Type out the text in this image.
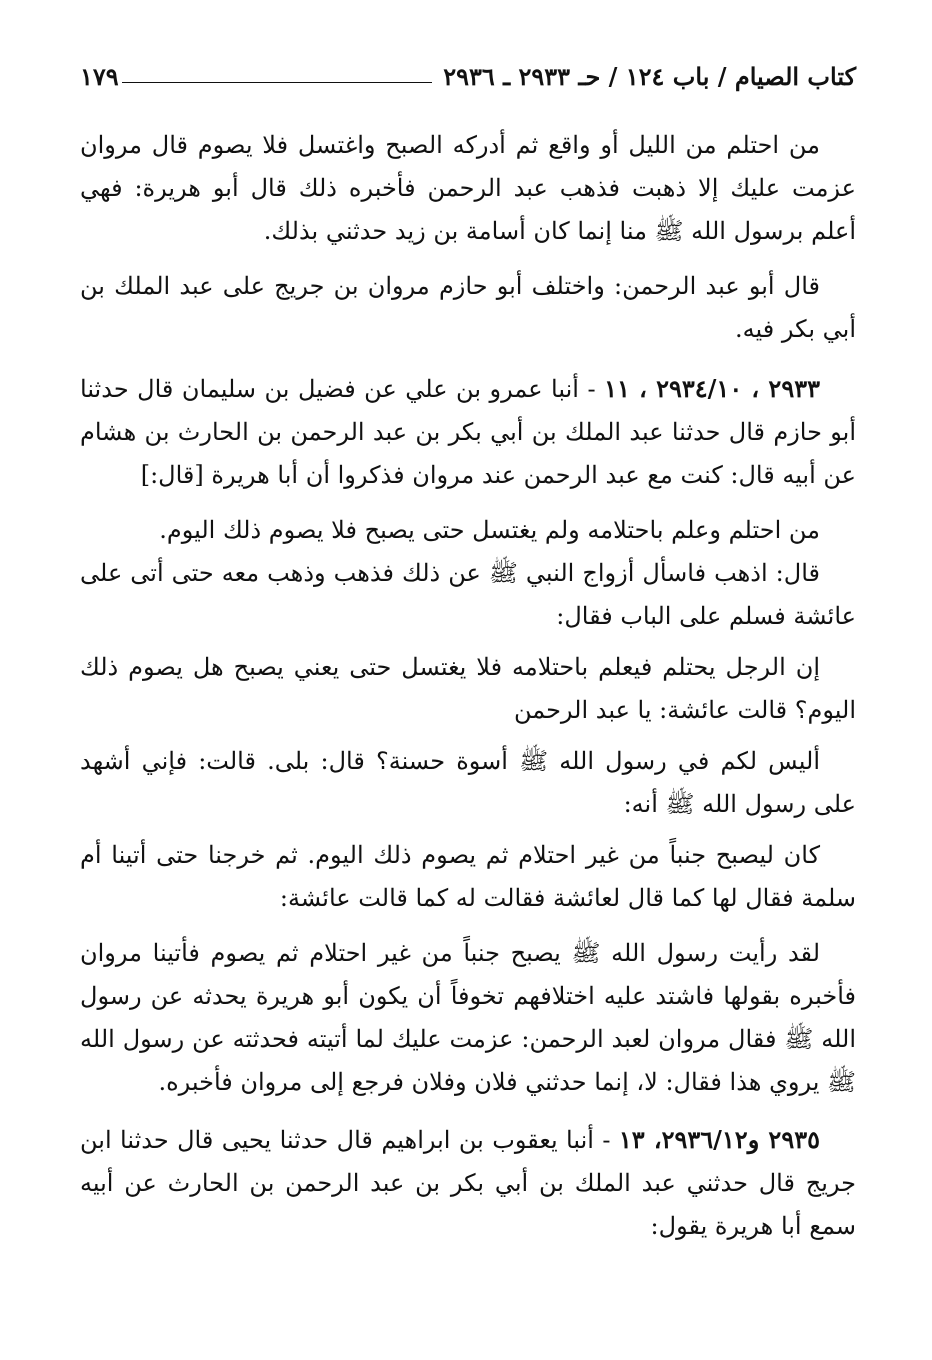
كتاب الصيام / باب ١٢٤ / حـ ٢٩٣٣ ـ ٢٩٣٦
١٧٩

من احتلم من الليل أو واقع ثم أدركه الصبح واغتسل فلا يصوم قال مروان عزمت عليك إلا ذهبت فذهب عبد الرحمن فأخبره ذلك قال أبو هريرة: فهي أعلم برسول الله ﷺ منا إنما كان أسامة بن زيد حدثني بذلك.

قال أبو عبد الرحمن: واختلف أبو حازم مروان بن جريج على عبد الملك بن أبي بكر فيه.

٢٩٣٣ ، ٢٩٣٤/١٠ ، ١١ - أنبا عمرو بن علي عن فضيل بن سليمان قال حدثنا أبو حازم قال حدثنا عبد الملك بن أبي بكر بن عبد الرحمن بن الحارث بن هشام عن أبيه قال: كنت مع عبد الرحمن عند مروان فذكروا أن أبا هريرة [قال:]

من احتلم وعلم باحتلامه ولم يغتسل حتى يصبح فلا يصوم ذلك اليوم.

قال: اذهب فاسأل أزواج النبي ﷺ عن ذلك فذهب وذهب معه حتى أتى على عائشة فسلم على الباب فقال:

إن الرجل يحتلم فيعلم باحتلامه فلا يغتسل حتى يعني يصبح هل يصوم ذلك اليوم؟ قالت عائشة: يا عبد الرحمن

أليس لكم في رسول الله ﷺ أسوة حسنة؟ قال: بلى. قالت: فإني أشهد على رسول الله ﷺ أنه:

كان ليصبح جنباً من غير احتلام ثم يصوم ذلك اليوم. ثم خرجنا حتى أتينا أم سلمة فقال لها كما قال لعائشة فقالت له كما قالت عائشة:

لقد رأيت رسول الله ﷺ يصبح جنباً من غير احتلام ثم يصوم فأتينا مروان فأخبره بقولها فاشتد عليه اختلافهم تخوفاً أن يكون أبو هريرة يحدثه عن رسول الله ﷺ فقال مروان لعبد الرحمن: عزمت عليك لما أتيته فحدثته عن رسول الله ﷺ يروي هذا فقال: لا، إنما حدثني فلان وفلان فرجع إلى مروان فأخبره.

٢٩٣٥ و٢٩٣٦/١٢، ١٣ - أنبا يعقوب بن ابراهيم قال حدثنا يحيى قال حدثنا ابن جريج قال حدثني عبد الملك بن أبي بكر بن عبد الرحمن بن الحارث عن أبيه سمع أبا هريرة يقول:
